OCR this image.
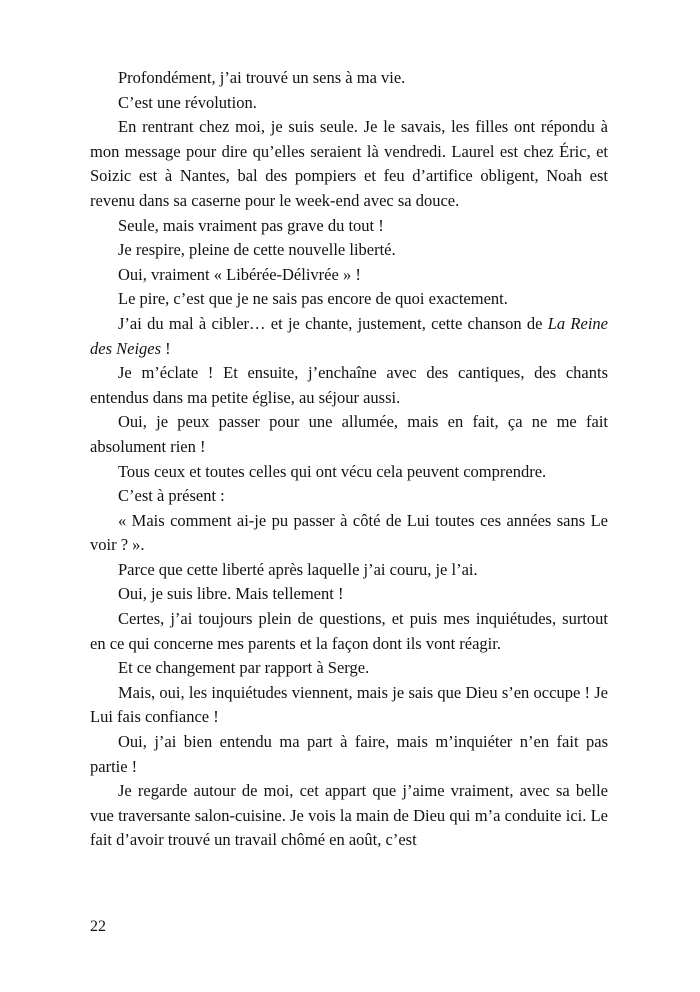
Profondément, j’ai trouvé un sens à ma vie.

C’est une révolution.

En rentrant chez moi, je suis seule. Je le savais, les filles ont répondu à mon message pour dire qu’elles seraient là vendredi. Laurel est chez Éric, et Soizic est à Nantes, bal des pompiers et feu d’artifice obligent, Noah est revenu dans sa caserne pour le week-end avec sa douce.

Seule, mais vraiment pas grave du tout !

Je respire, pleine de cette nouvelle liberté.

Oui, vraiment « Libérée-Délivrée » !

Le pire, c’est que je ne sais pas encore de quoi exactement.

J’ai du mal à cibler… et je chante, justement, cette chanson de La Reine des Neiges !

Je m’éclate ! Et ensuite, j’enchaîne avec des cantiques, des chants entendus dans ma petite église, au séjour aussi.

Oui, je peux passer pour une allumée, mais en fait, ça ne me fait absolument rien !

Tous ceux et toutes celles qui ont vécu cela peuvent comprendre.

C’est à présent :

« Mais comment ai-je pu passer à côté de Lui toutes ces années sans Le voir ? ».

Parce que cette liberté après laquelle j’ai couru, je l’ai.

Oui, je suis libre. Mais tellement !

Certes, j’ai toujours plein de questions, et puis mes inquiétudes, surtout en ce qui concerne mes parents et la façon dont ils vont réagir.

Et ce changement par rapport à Serge.

Mais, oui, les inquiétudes viennent, mais je sais que Dieu s’en occupe ! Je Lui fais confiance !

Oui, j’ai bien entendu ma part à faire, mais m’inquiéter n’en fait pas partie !

Je regarde autour de moi, cet appart que j’aime vraiment, avec sa belle vue traversante salon-cuisine. Je vois la main de Dieu qui m’a conduite ici. Le fait d’avoir trouvé un travail chômé en août, c’est

22
